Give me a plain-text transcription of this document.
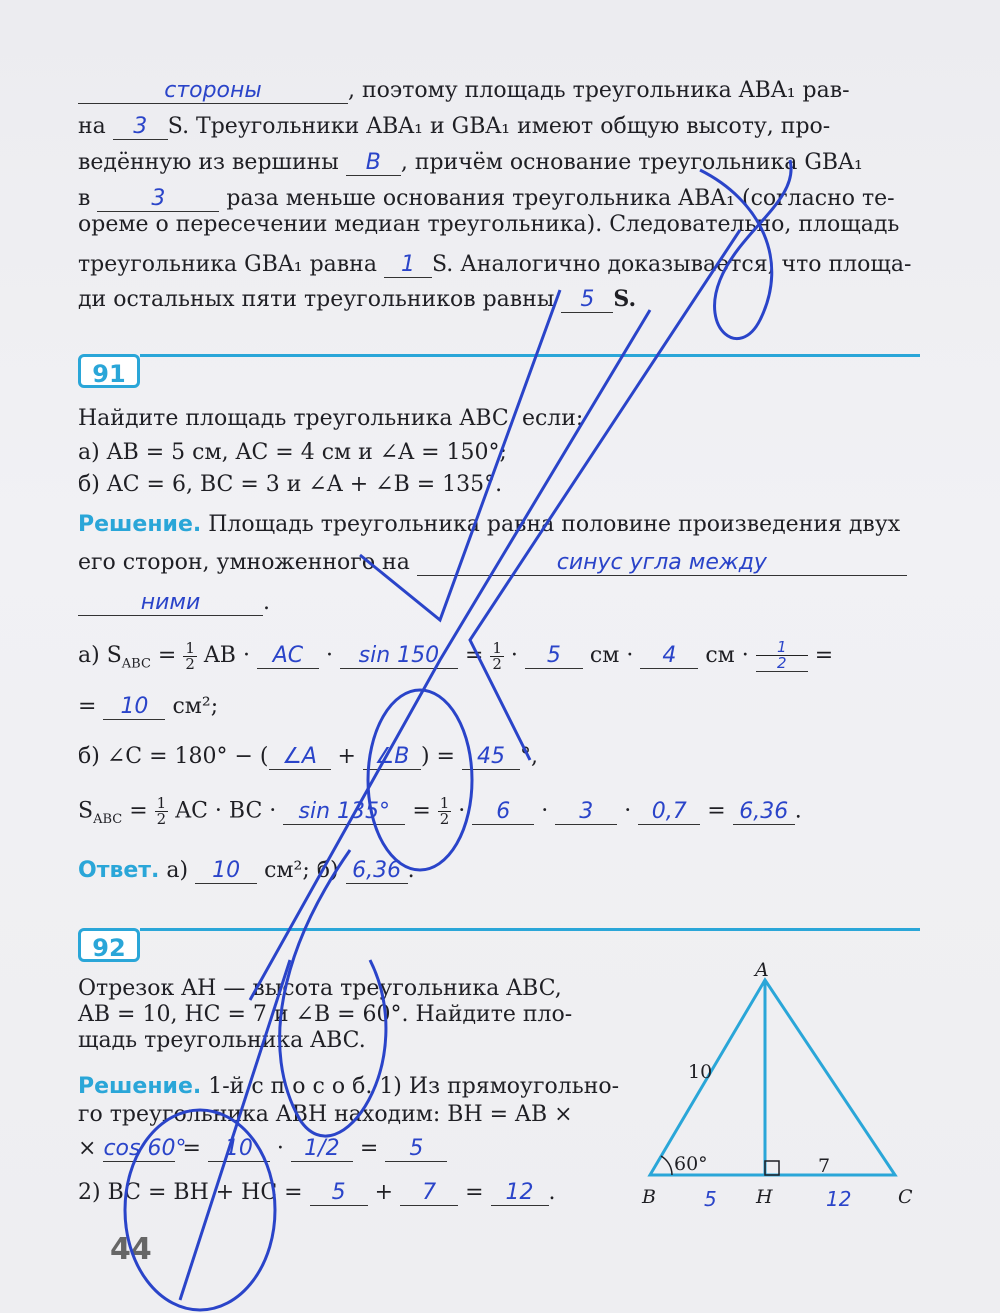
стороны	, поэтому площадь треугольника ABA₁ рав-
на 3 S. Треугольники ABA₁ и GBA₁ имеют общую высоту, про-
ведённую из вершины B , причём основание треугольника GBA₁
в	3	раза меньше основания треугольника ABA₁ (согласно те-
ореме о пересечении медиан треугольника). Следовательно, площадь
треугольника GBA₁ равна 1 S. Аналогично доказывается, что площа-
ди остальных пяти треугольников равны 5 S.
91
Найдите площадь треугольника ABC, если:
а) AB = 5 см, AC = 4 см и ∠A = 150°;
б) AC = 6, BC = 3 и ∠A + ∠B = 135°.
Решение. Площадь треугольника равна половине произведения двух
его сторон, умноженного на	синус угла между
ними	.
а) $S_{ABC} = \frac{1}{2}$ AB · AC · $\sin 150 = \frac{1}{2} \cdot 5$ см · 4 см · $\frac{1}{2}$ =
= 10 см²;
б) ∠C = 180° − ( ∠A + ∠B ) = 45 °,
$S_{ABC} = \frac{1}{2}$ AC · BC · $\sin 135^\circ = \frac{1}{2} \cdot 6 \cdot 3 \cdot 0,7 = 6,36$ .
Ответ. а) 10 см²; б) 6,36 .
92
Отрезок AH — высота треугольника ABC,
AB = 10, HC = 7 и ∠B = 60°. Найдите пло-
щадь треугольника ABC.
Решение. 1-й с п о с о б. 1) Из прямоугольно-
го треугольника ABH находим: BH = AB ×
× cos 60° = 10 · 1/2 = 5
2) BC = BH + HC = 5 + 7 = 12 .
A
B	H	C
10
7
60°
5	12
44
